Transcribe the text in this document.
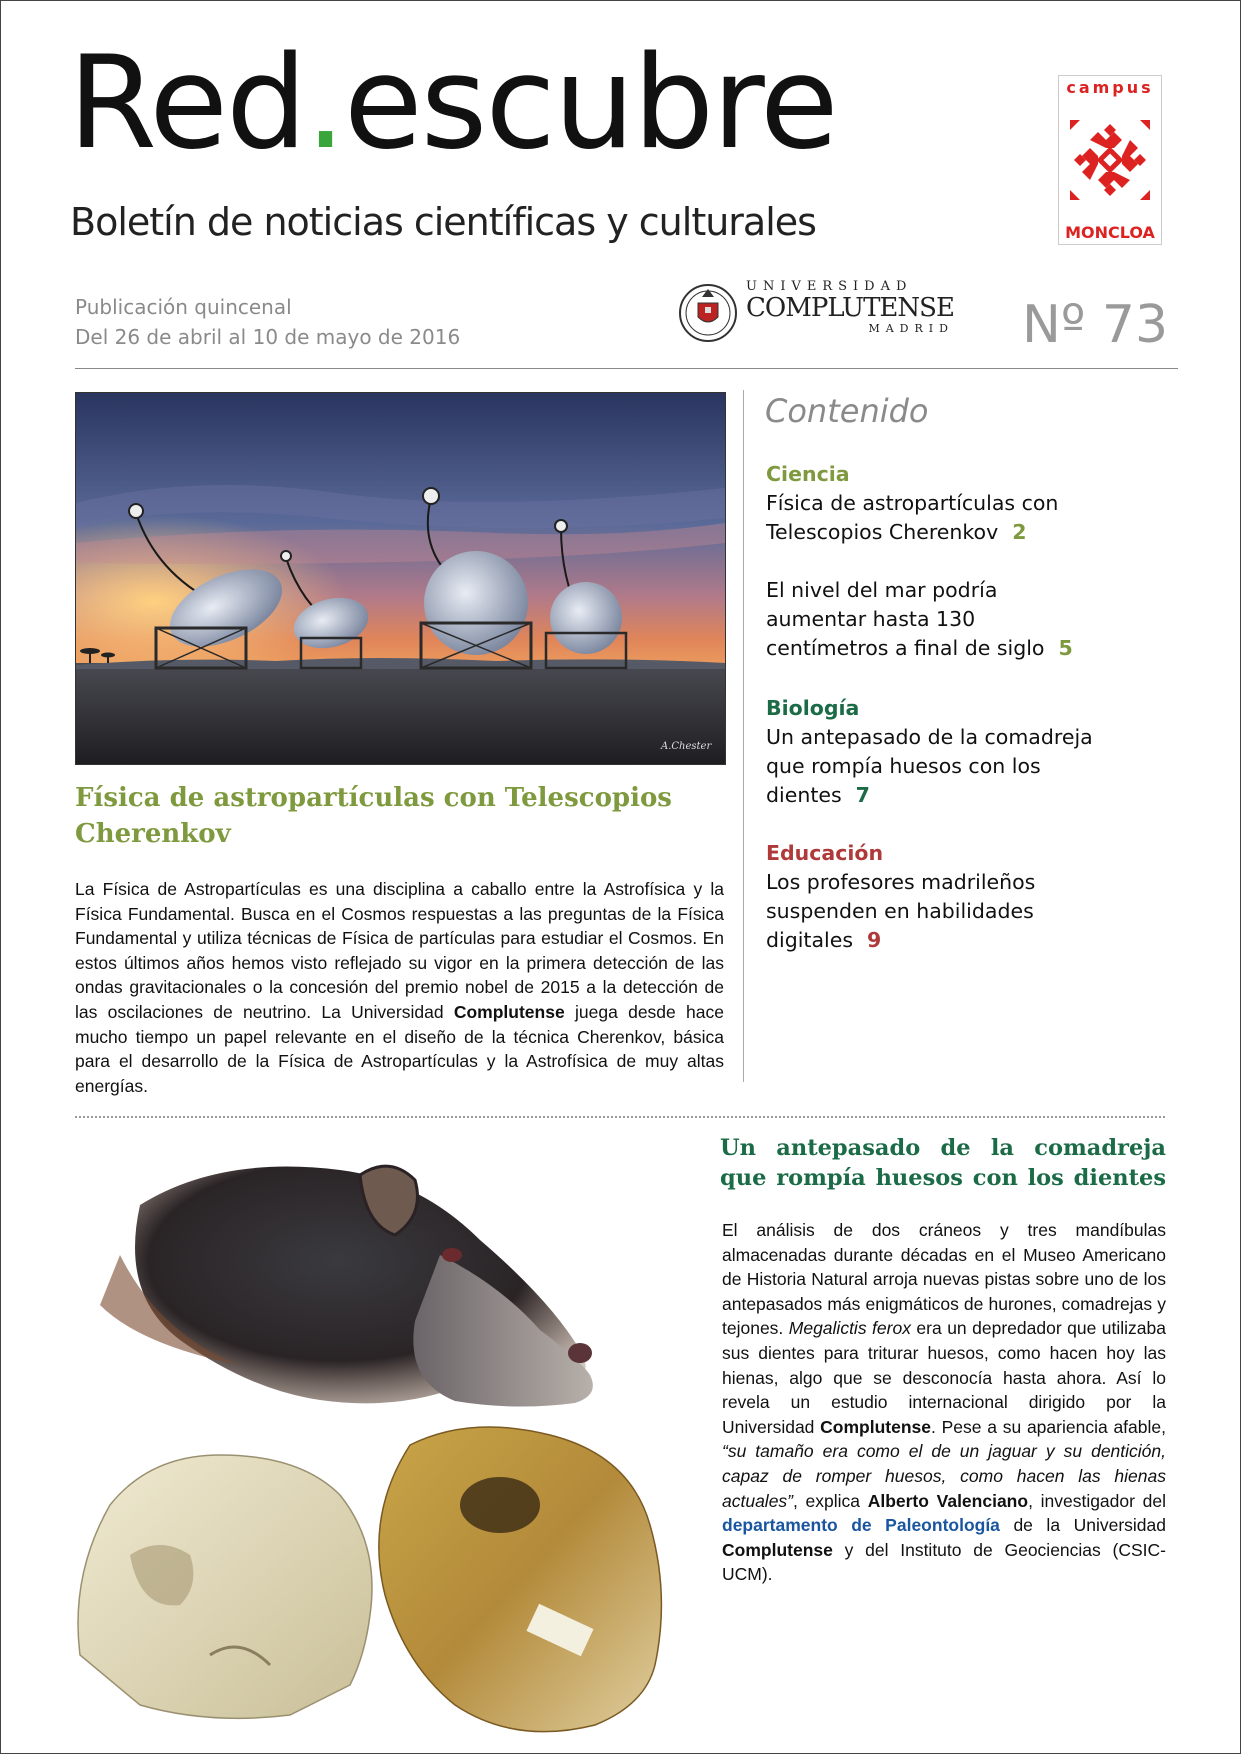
Red.escubre
Boletín de noticias científicas y culturales
campus
MONCLOA
Publicación quincenal
Del 26 de abril al 10 de mayo de 2016
UNIVERSIDAD
COMPLUTENSE
MADRID Nº 73
A.Chester
Física de astropartículas con Telescopios Cherenkov
La Física de Astropartículas es una disciplina a caballo entre la Astrofísica y la Física Fundamental. Busca en el Cosmos respuestas a las preguntas de la Física Fundamental y utiliza técnicas de Física de partículas para estudiar el Cosmos. En estos últimos años hemos visto reflejado su vigor en la primera detección de las ondas gravitacionales o la concesión del premio nobel de 2015 a la detección de las oscilaciones de neutrino. La Universidad Complutense juega desde hace mucho tiempo un papel relevante en el diseño de la técnica Cherenkov, básica para el desarrollo de la Física de Astropartículas y la Astrofísica de muy altas energías.
Contenido
Ciencia
Física de astropartículas con Telescopios Cherenkov 2
El nivel del mar podría aumentar hasta 130 centímetros a final de siglo 5
Biología
Un antepasado de la comadreja que rompía huesos con los dientes 7
Educación
Los profesores madrileños suspenden en habilidades digitales 9
Un antepasado de la comadreja que rompía huesos con los dientes
El análisis de dos cráneos y tres mandíbulas almacenadas durante décadas en el Museo Americano de Historia Natural arroja nuevas pistas sobre uno de los antepasados más enigmáticos de hurones, comadrejas y tejones. Megalictis ferox era un depredador que utilizaba sus dientes para triturar huesos, como hacen hoy las hienas, algo que se desconocía hasta ahora. Así lo revela un estudio internacional dirigido por la Universidad Complutense. Pese a su apariencia afable, “su tamaño era como el de un jaguar y su dentición, capaz de romper huesos, como hacen las hienas actuales”, explica Alberto Valenciano, investigador del departamento de Paleontología de la Universidad Complutense y del Instituto de Geociencias (CSIC-UCM).
